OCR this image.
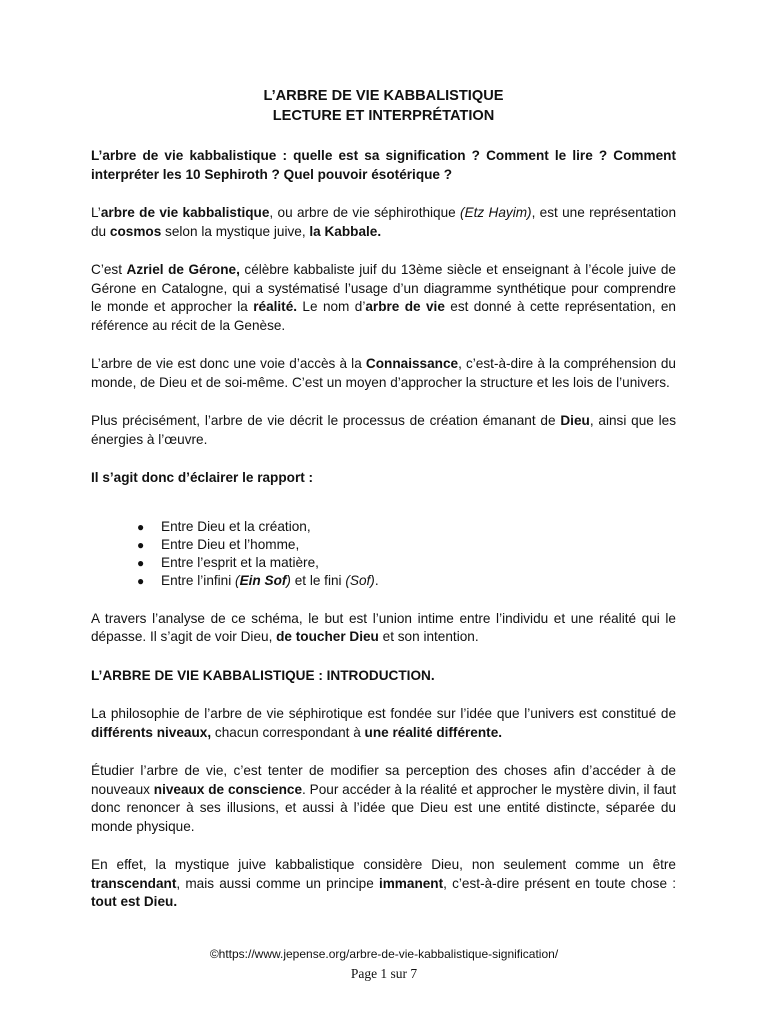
L’ARBRE DE VIE KABBALISTIQUE
LECTURE ET INTERPRÉTATION

L’arbre de vie kabbalistique : quelle est sa signification ? Comment le lire ? Comment interpréter les 10 Sephiroth ? Quel pouvoir ésotérique ?

L’arbre de vie kabbalistique, ou arbre de vie séphirothique (Etz Hayim), est une représentation du cosmos selon la mystique juive, la Kabbale.

C’est Azriel de Gérone, célèbre kabbaliste juif du 13ème siècle et enseignant à l’école juive de Gérone en Catalogne, qui a systématisé l’usage d’un diagramme synthétique pour comprendre le monde et approcher la réalité. Le nom d’arbre de vie est donné à cette représentation, en référence au récit de la Genèse.

L’arbre de vie est donc une voie d’accès à la Connaissance, c’est-à-dire à la compréhension du monde, de Dieu et de soi-même. C’est un moyen d’approcher la structure et les lois de l’univers.

Plus précisément, l’arbre de vie décrit le processus de création émanant de Dieu, ainsi que les énergies à l’œuvre.

Il s’agit donc d’éclairer le rapport :

● Entre Dieu et la création,
● Entre Dieu et l’homme,
● Entre l’esprit et la matière,
● Entre l’infini (Ein Sof) et le fini (Sof).

A travers l’analyse de ce schéma, le but est l’union intime entre l’individu et une réalité qui le dépasse. Il s’agit de voir Dieu, de toucher Dieu et son intention.

L’ARBRE DE VIE KABBALISTIQUE : INTRODUCTION.

La philosophie de l’arbre de vie séphirotique est fondée sur l’idée que l’univers est constitué de différents niveaux, chacun correspondant à une réalité différente.

Étudier l’arbre de vie, c’est tenter de modifier sa perception des choses afin d’accéder à de nouveaux niveaux de conscience. Pour accéder à la réalité et approcher le mystère divin, il faut donc renoncer à ses illusions, et aussi à l’idée que Dieu est une entité distincte, séparée du monde physique.

En effet, la mystique juive kabbalistique considère Dieu, non seulement comme un être transcendant, mais aussi comme un principe immanent, c’est-à-dire présent en toute chose : tout est Dieu.

©https://www.jepense.org/arbre-de-vie-kabbalistique-signification/
Page 1 sur 7
